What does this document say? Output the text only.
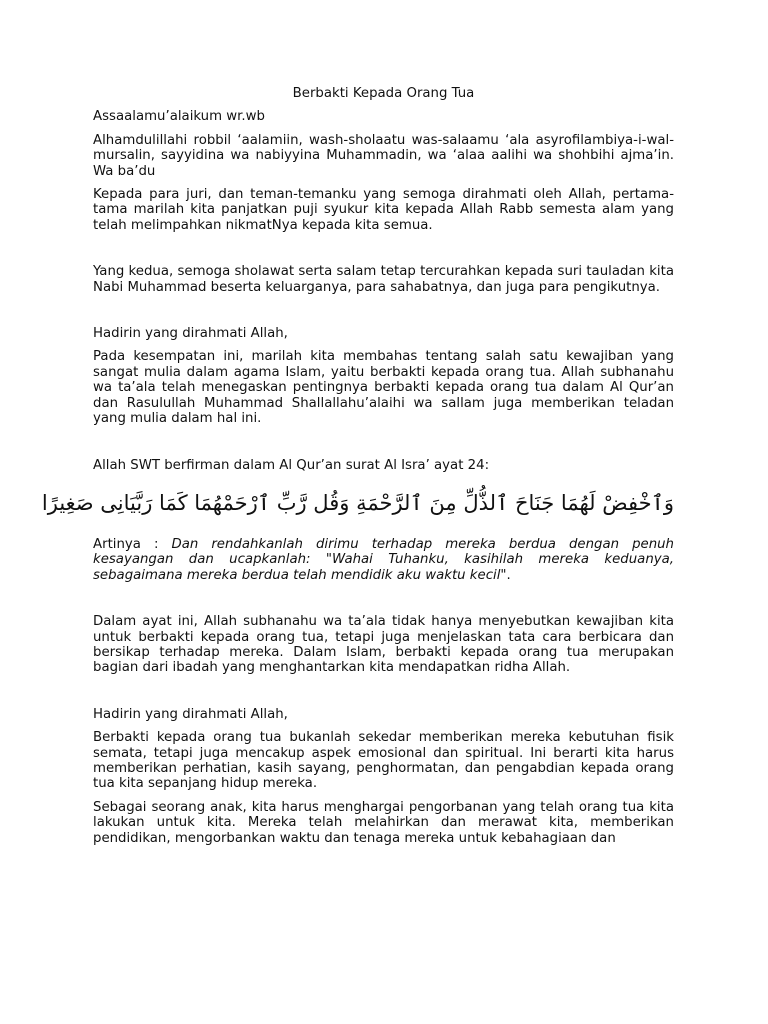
Berbakti Kepada Orang Tua

Assaalamu’alaikum wr.wb

Alhamdulillahi robbil ‘aalamiin, wash-sholaatu was-salaamu ‘ala asyrofilambiya-i-wal-mursalin, sayyidina wa nabiyyina Muhammadin, wa ‘alaa aalihi wa shohbihi ajma’in. Wa ba’du

Kepada para juri, dan teman-temanku yang semoga dirahmati oleh Allah, pertama-tama marilah kita panjatkan puji syukur kita kepada Allah Rabb semesta alam yang telah melimpahkan nikmatNya kepada kita semua.

Yang kedua, semoga sholawat serta salam tetap tercurahkan kepada suri tauladan kita Nabi Muhammad beserta keluarganya, para sahabatnya, dan juga para pengikutnya.

Hadirin yang dirahmati Allah,

Pada kesempatan ini, marilah kita membahas tentang salah satu kewajiban yang sangat mulia dalam agama Islam, yaitu berbakti kepada orang tua. Allah subhanahu wa ta’ala telah menegaskan pentingnya berbakti kepada orang tua dalam Al Qur’an dan Rasulullah Muhammad Shallallahu’alaihi wa sallam juga memberikan teladan yang mulia dalam hal ini.

Allah SWT berfirman dalam Al Qur’an surat Al Isra’ ayat 24:

وَٱخْفِضْ لَهُمَا جَنَاحَ ٱلذُّلِّ مِنَ ٱلرَّحْمَةِ وَقُل رَّبِّ ٱرْحَمْهُمَا كَمَا رَبَّيَانِى صَغِيرًا

Artinya : Dan rendahkanlah dirimu terhadap mereka berdua dengan penuh kesayangan dan ucapkanlah: "Wahai Tuhanku, kasihilah mereka keduanya, sebagaimana mereka berdua telah mendidik aku waktu kecil".

Dalam ayat ini, Allah subhanahu wa ta’ala tidak hanya menyebutkan kewajiban kita untuk berbakti kepada orang tua, tetapi juga menjelaskan tata cara berbicara dan bersikap terhadap mereka. Dalam Islam, berbakti kepada orang tua merupakan bagian dari ibadah yang menghantarkan kita mendapatkan ridha Allah.

Hadirin yang dirahmati Allah,

Berbakti kepada orang tua bukanlah sekedar memberikan mereka kebutuhan fisik semata, tetapi juga mencakup aspek emosional dan spiritual. Ini berarti kita harus memberikan perhatian, kasih sayang, penghormatan, dan pengabdian kepada orang tua kita sepanjang hidup mereka.

Sebagai seorang anak, kita harus menghargai pengorbanan yang telah orang tua kita lakukan untuk kita. Mereka telah melahirkan dan merawat kita, memberikan pendidikan, mengorbankan waktu dan tenaga mereka untuk kebahagiaan dan
